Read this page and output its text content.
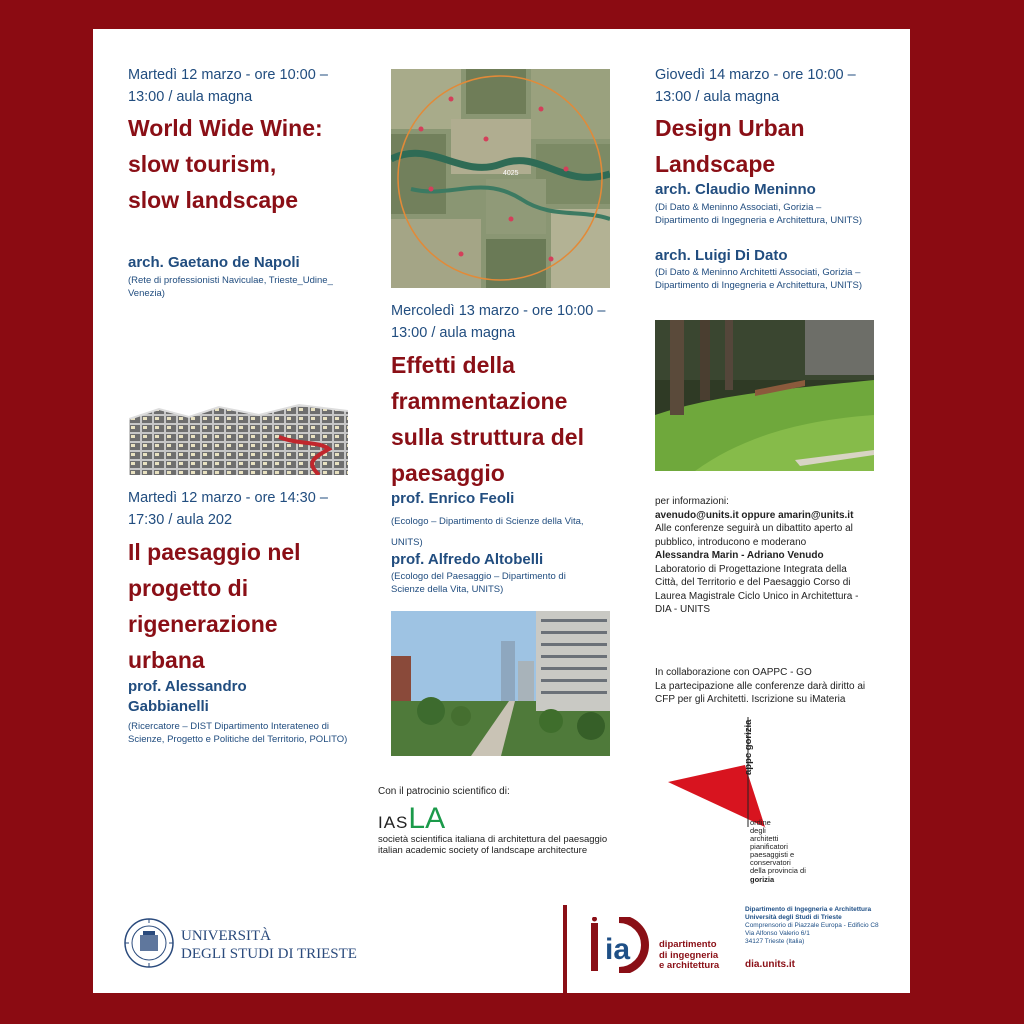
Martedì 12 marzo - ore 10:00 – 13:00 / aula magna
World Wide Wine: slow tourism, slow landscape
arch. Gaetano de Napoli
(Rete di professionisti Naviculae, Trieste_Udine_ Venezia)
Martedì 12 marzo - ore 14:30 – 17:30 / aula 202
Il paesaggio nel progetto di rigenerazione urbana
prof. Alessandro Gabbianelli
(Ricercatore – DIST Dipartimento Interateneo di Scienze, Progetto e Politiche del Territorio, POLITO)
4025
Mercoledì 13 marzo - ore 10:00 – 13:00 / aula magna
Effetti della frammentazione sulla struttura del paesaggio
prof. Enrico Feoli
(Ecologo – Dipartimento di Scienze della Vita, UNITS)
prof. Alfredo Altobelli
(Ecologo del Paesaggio – Dipartimento di Scienze della Vita, UNITS)
Con il patrocinio scientifico di:
IASLA
società scientifica italiana di architettura del paesaggio
italian academic society of landscape architecture
Giovedì 14 marzo - ore 10:00 – 13:00 / aula magna
Design Urban Landscape
arch. Claudio Meninno
(Di Dato & Meninno Associati, Gorizia – Dipartimento di Ingegneria e Architettura, UNITS)
arch. Luigi Di Dato
(Di Dato & Meninno Architetti Associati, Gorizia – Dipartimento di Ingegneria e Architettura, UNITS)
per informazioni:
avenudo@units.it oppure amarin@units.it
Alle conferenze seguirà un dibattito aperto al pubblico, introducono e moderano
Alessandra Marin - Adriano Venudo
Laboratorio di Progettazione Integrata della Città, del Territorio e del Paesaggio Corso di Laurea Magistrale Ciclo Unico in Architettura - DIA - UNITS
In collaborazione con OAPPC - GO
La partecipazione alle conferenze darà diritto ai CFP per gli Architetti. Iscrizione su iMateria
appc gorizia
ordine
degli
architetti
pianificatori
paesaggisti e
conservatori
della provincia di
gorizia
UNIVERSITÀ
DEGLI STUDI DI TRIESTE	ia	dipartimento
di ingegneria
e architettura
Dipartimento di Ingegneria e Architettura
Università degli Studi di Trieste
Comprensorio di Piazzale Europa - Edificio C8
Via Alfonso Valerio 6/1
34127 Trieste (Italia)
dia.units.it
